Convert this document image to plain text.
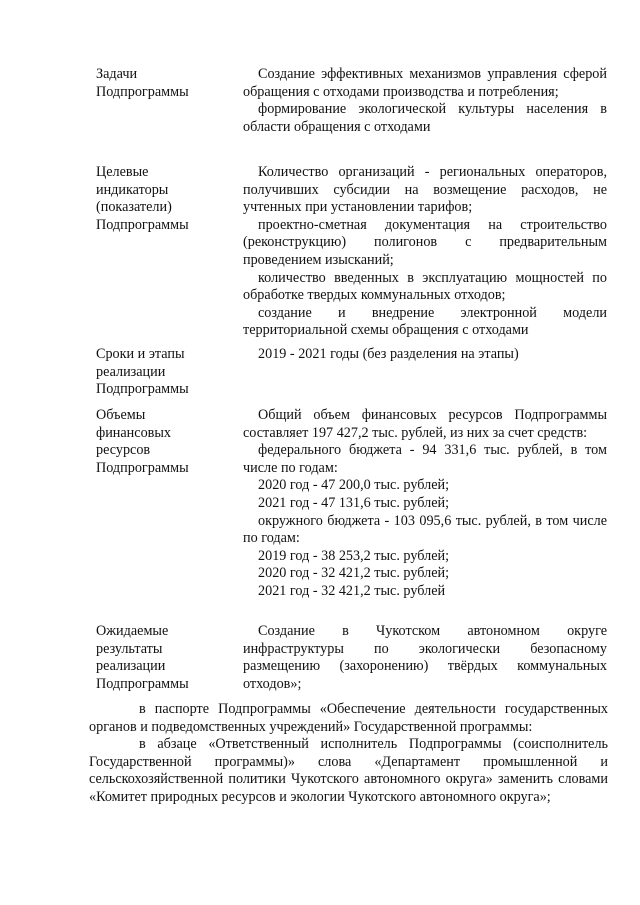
Задачи
Подпрограммы

Создание эффективных механизмов управления сферой обращения с отходами производства и потребления;

формирование экологической культуры населения в области обращения с отходами

Целевые
индикаторы
(показатели)
Подпрограммы

Количество организаций - региональных операторов, получивших субсидии на возмещение расходов, не учтенных при установлении тарифов;

проектно-сметная документация на строительство (реконструкцию) полигонов с предварительным проведением изысканий;

количество введенных в эксплуатацию мощностей по обработке твердых коммунальных отходов;

создание и внедрение электронной модели территориальной схемы обращения с отходами

Сроки и этапы
реализации
Подпрограммы

2019 - 2021 годы (без разделения на этапы)

Объемы
финансовых
ресурсов
Подпрограммы

Общий объем финансовых ресурсов Подпрограммы составляет 197 427,2 тыс. рублей, из них за счет средств:

федерального бюджета - 94 331,6 тыс. рублей, в том числе по годам:

2020 год - 47 200,0 тыс. рублей;

2021 год - 47 131,6 тыс. рублей;

окружного бюджета - 103 095,6 тыс. рублей, в том числе по годам:

2019 год - 38 253,2 тыс. рублей;

2020 год - 32 421,2 тыс. рублей;

2021 год - 32 421,2 тыс. рублей

Ожидаемые
результаты
реализации
Подпрограммы

Создание в Чукотском автономном округе инфраструктуры по экологически безопасному размещению (захоронению) твёрдых коммунальных отходов»;

в паспорте Подпрограммы «Обеспечение деятельности государственных органов и подведомственных учреждений» Государственной программы:

в абзаце «Ответственный исполнитель Подпрограммы (соисполнитель Государственной программы)» слова «Департамент промышленной и сельскохозяйственной политики Чукотского автономного округа» заменить словами «Комитет природных ресурсов и экологии Чукотского автономного округа»;
